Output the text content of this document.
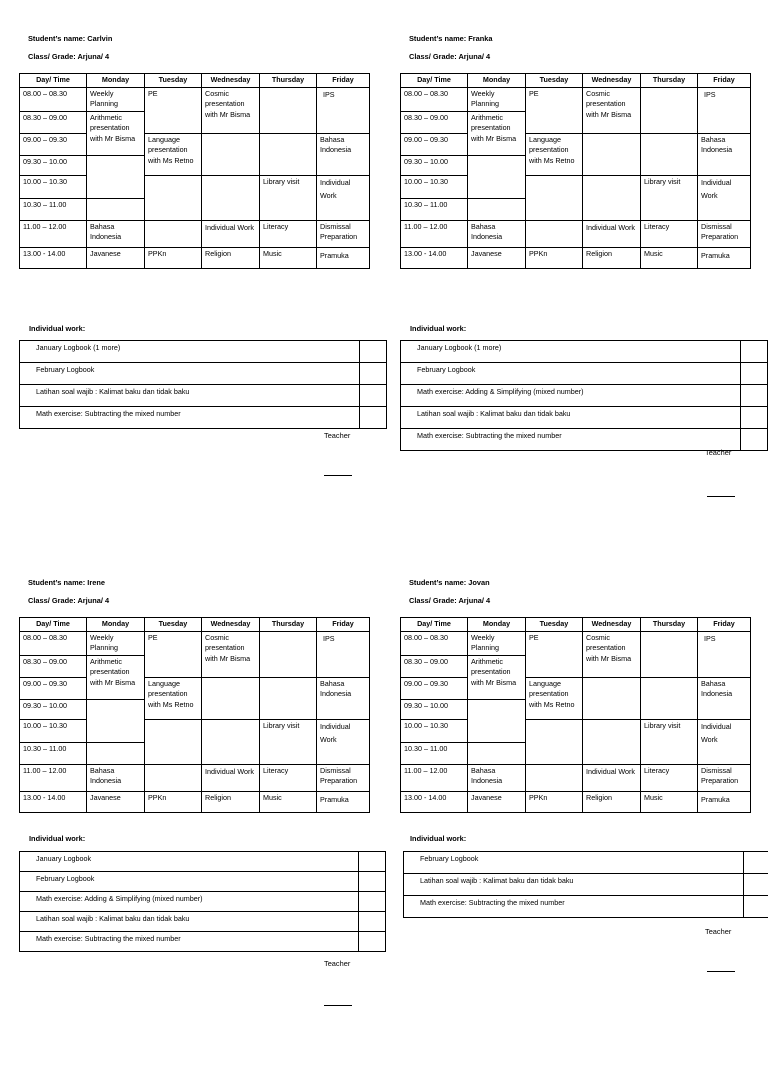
Student’s name: Carlvin
Class/ Grade: Arjuna/ 4
Day/ Time	Monday	Tuesday	Wednesday	Thursday	Friday
08.00 – 08.30	Weekly Planning	PE	Cosmic presentation with Mr Bisma		IPS
08.30 – 09.00	Arithmetic presentation with Mr Bisma				
09.00 – 09.30		Language presentation with Ms Retno			Bahasa Indonesia
09.30 – 10.00					
10.00 – 10.30				Library visit	Individual Work
10.30 – 11.00					
11.00 – 12.00	Bahasa Indonesia		Individual Work	Literacy	Dismissal Preparation
13.00 - 14.00	Javanese	PPKn	Religion	Music	Pramuka
Individual work:
January Logbook (1 more)	
February Logbook	
Latihan soal wajib : Kalimat baku dan tidak baku	
Math exercise: Subtracting the mixed number	
Teacher
Student’s name: Franka
Class/ Grade: Arjuna/ 4
Day/ Time	Monday	Tuesday	Wednesday	Thursday	Friday
08.00 – 08.30	Weekly Planning	PE	Cosmic presentation with Mr Bisma		IPS
08.30 – 09.00	Arithmetic presentation with Mr Bisma				
09.00 – 09.30		Language presentation with Ms Retno			Bahasa Indonesia
09.30 – 10.00					
10.00 – 10.30				Library visit	Individual Work
10.30 – 11.00					
11.00 – 12.00	Bahasa Indonesia		Individual Work	Literacy	Dismissal Preparation
13.00 - 14.00	Javanese	PPKn	Religion	Music	Pramuka
Individual work:
January Logbook (1 more)	
February Logbook	
Math exercise: Adding & Simplifying (mixed number)	
Latihan soal wajib : Kalimat baku dan tidak baku	
Math exercise: Subtracting the mixed number	
Teacher
Student’s name: Irene
Class/ Grade: Arjuna/ 4
Day/ Time	Monday	Tuesday	Wednesday	Thursday	Friday
08.00 – 08.30	Weekly Planning	PE	Cosmic presentation with Mr Bisma		IPS
08.30 – 09.00	Arithmetic presentation with Mr Bisma				
09.00 – 09.30		Language presentation with Ms Retno			Bahasa Indonesia
09.30 – 10.00					
10.00 – 10.30				Library visit	Individual Work
10.30 – 11.00					
11.00 – 12.00	Bahasa Indonesia		Individual Work	Literacy	Dismissal Preparation
13.00 - 14.00	Javanese	PPKn	Religion	Music	Pramuka
Individual work:
January Logbook	
February Logbook	
Math exercise: Adding & Simplifying (mixed number)	
Latihan soal wajib : Kalimat baku dan tidak baku	
Math exercise: Subtracting the mixed number	
Teacher
Student’s name: Jovan
Class/ Grade: Arjuna/ 4
Day/ Time	Monday	Tuesday	Wednesday	Thursday	Friday
08.00 – 08.30	Weekly Planning	PE	Cosmic presentation with Mr Bisma		IPS
08.30 – 09.00	Arithmetic presentation with Mr Bisma				
09.00 – 09.30		Language presentation with Ms Retno			Bahasa Indonesia
09.30 – 10.00					
10.00 – 10.30				Library visit	Individual Work
10.30 – 11.00					
11.00 – 12.00	Bahasa Indonesia		Individual Work	Literacy	Dismissal Preparation
13.00 - 14.00	Javanese	PPKn	Religion	Music	Pramuka
Individual work:
February Logbook	
Latihan soal wajib : Kalimat baku dan tidak baku	
Math exercise: Subtracting the mixed number	
Teacher
